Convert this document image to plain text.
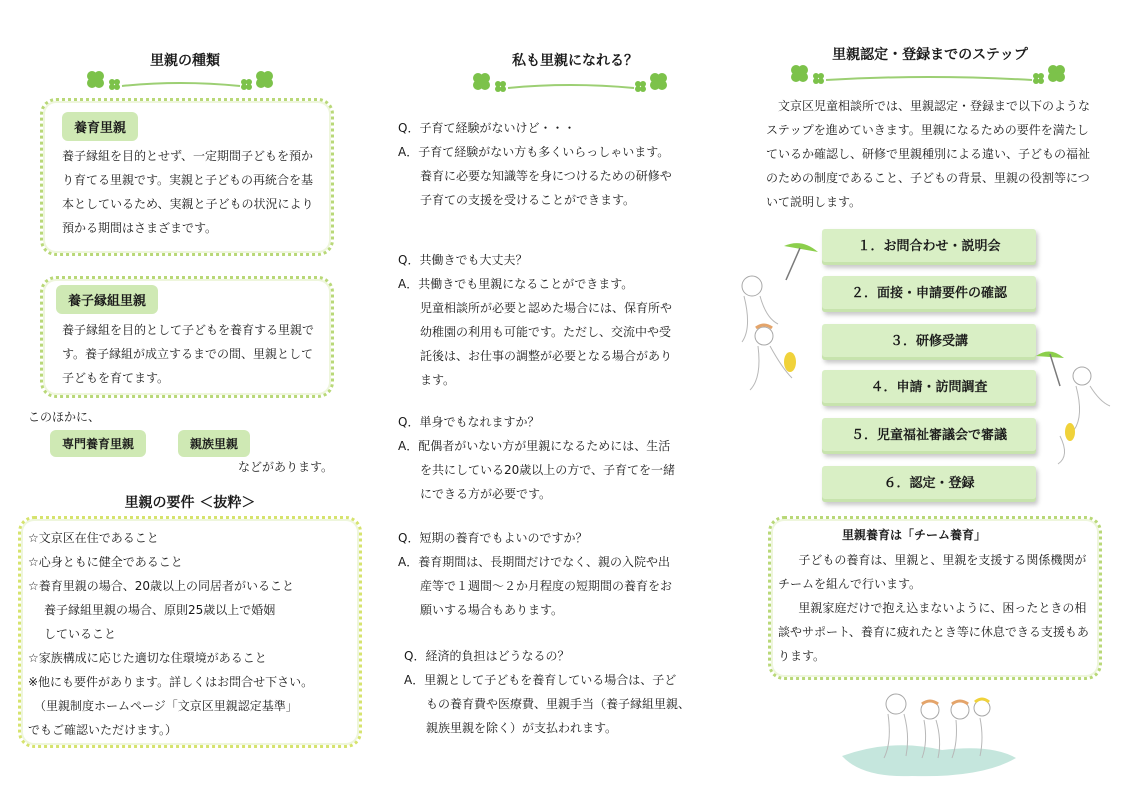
里親の種類
養育里親
養子縁組を目的とせず、一定期間子どもを預かり育てる里親です。実親と子どもの再統合を基本としているため、実親と子どもの状況により預かる期間はさまざまです。
養子縁組里親
養子縁組を目的として子どもを養育する里親です。養子縁組が成立するまでの間、里親として子どもを育てます。
このほかに、
専門養育里親	親族里親
などがあります。
里親の要件 ＜抜粋＞
☆文京区在住であること
☆心身ともに健全であること
☆養育里親の場合、20歳以上の同居者がいること
養子縁組里親の場合、原則25歳以上で婚姻
していること
☆家族構成に応じた適切な住環境があること
※他にも要件があります。詳しくはお問合せ下さい。
（里親制度ホームページ「文京区里親認定基準」
でもご確認いただけます。）
私も里親になれる？
Q．子育て経験がないけど・・・
A．子育て経験がない方も多くいらっしゃいます。
養育に必要な知識等を身につけるための研修や
子育ての支援を受けることができます。
Q．共働きでも大丈夫？
A．共働きでも里親になることができます。
児童相談所が必要と認めた場合には、保育所や
幼稚園の利用も可能です。ただし、交流中や受
託後は、お仕事の調整が必要となる場合があり
ます。
Q．単身でもなれますか？
A．配偶者がいない方が里親になるためには、生活
を共にしている20歳以上の方で、子育てを一緒
にできる方が必要です。
Q．短期の養育でもよいのですか？
A．養育期間は、長期間だけでなく、親の入院や出
産等で１週間～２か月程度の短期間の養育をお
願いする場合もあります。
Q．経済的負担はどうなるの？
A．里親として子どもを養育している場合は、子ど
もの養育費や医療費、里親手当（養子縁組里親、
親族里親を除く）が支払われます。
里親認定・登録までのステップ
文京区児童相談所では、里親認定・登録まで以下のようなステップを進めていきます。里親になるための要件を満たしているか確認し、研修で里親種別による違い、子どもの福祉のための制度であること、子どもの背景、里親の役割等について説明します。
１．お問合わせ・説明会
２．面接・申請要件の確認
３．研修受講
４．申請・訪問調査
５．児童福祉審議会で審議
６．認定・登録
里親養育は「チーム養育」
子どもの養育は、里親と、里親を支援する関係機関がチームを組んで行います。
里親家庭だけで抱え込まないように、困ったときの相談やサポート、養育に疲れたとき等に休息できる支援もあります。
